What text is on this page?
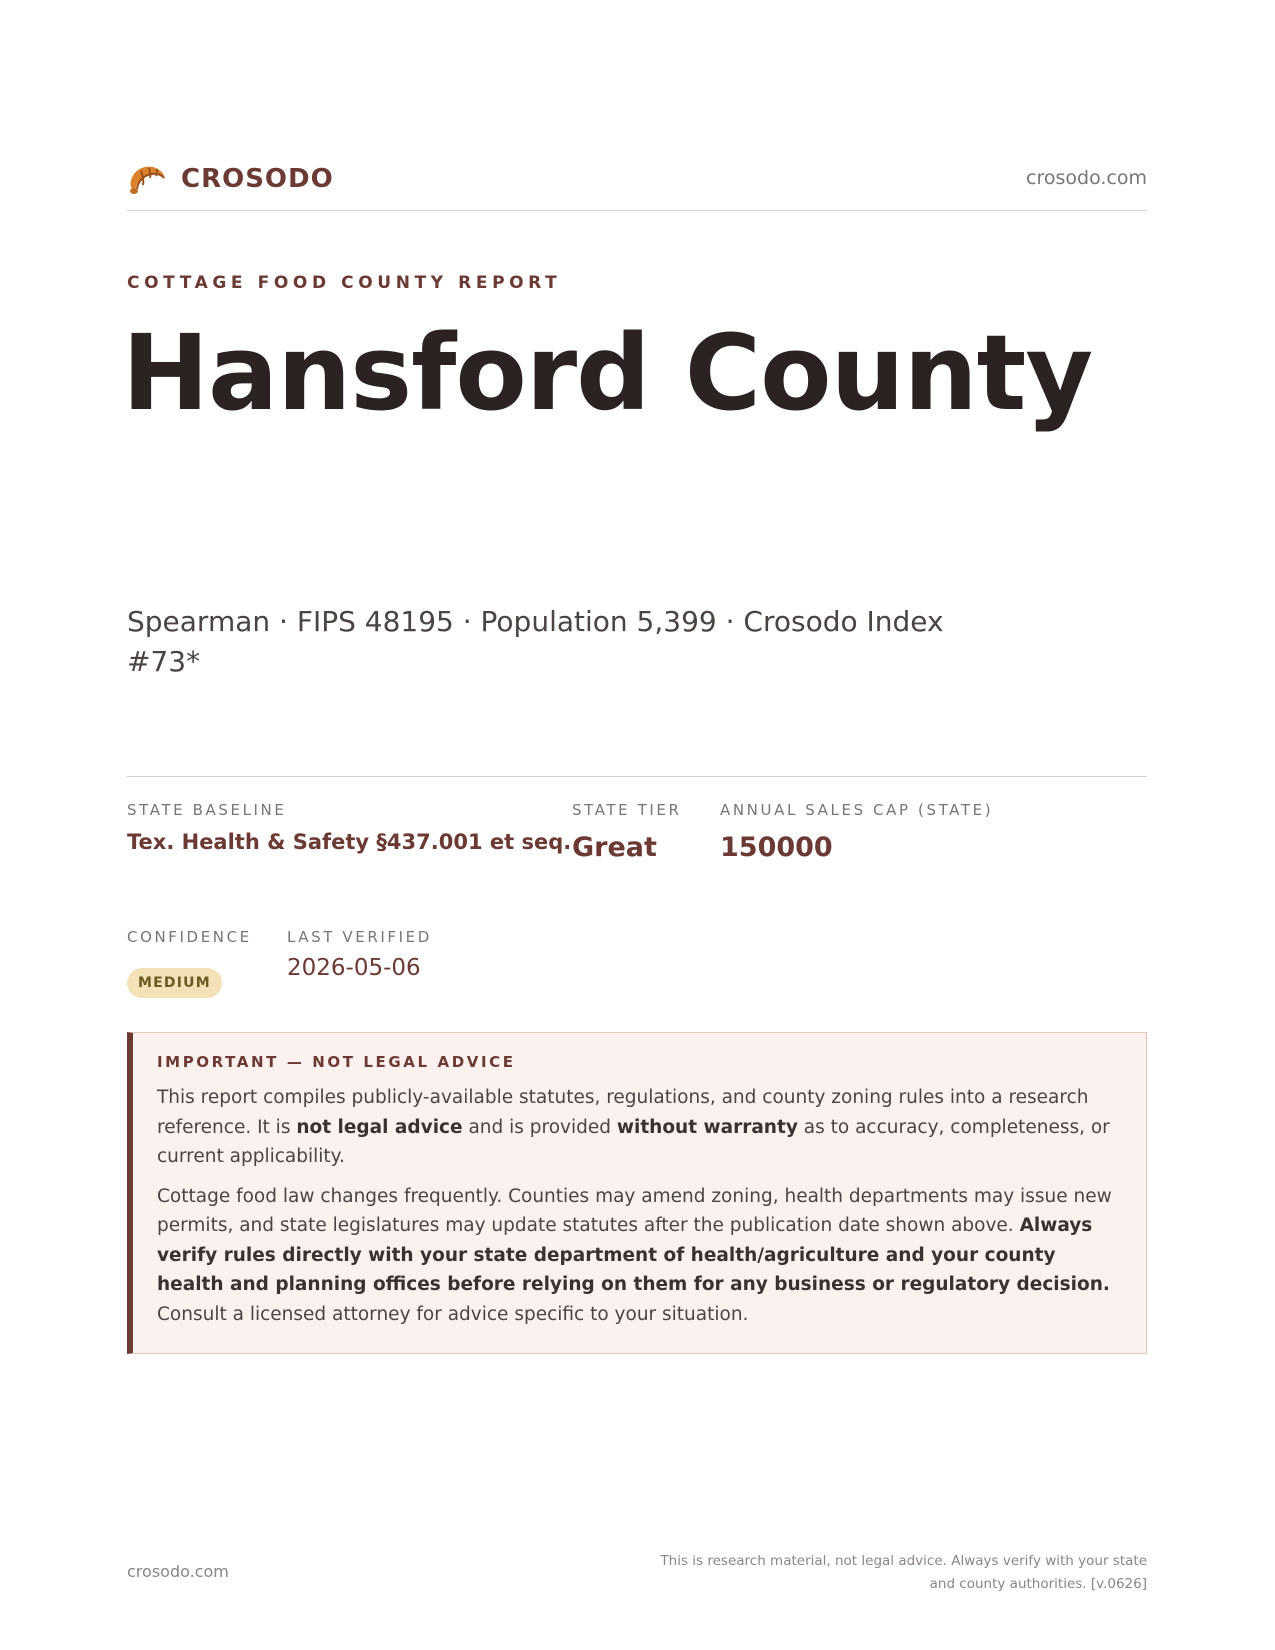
CROSODO	crosodo.com
COTTAGE FOOD COUNTY REPORT
Hansford County
Spearman · FIPS 48195 · Population 5,399 · Crosodo Index #73*
STATE BASELINE
Tex. Health & Safety §437.001 et seq.
STATE TIER
Great
ANNUAL SALES CAP (STATE)
150000
CONFIDENCE
MEDIUM
LAST VERIFIED
2026-05-06
IMPORTANT — NOT LEGAL ADVICE

This report compiles publicly-available statutes, regulations, and county zoning rules into a research reference. It is not legal advice and is provided without warranty as to accuracy, completeness, or current applicability.

Cottage food law changes frequently. Counties may amend zoning, health departments may issue new permits, and state legislatures may update statutes after the publication date shown above. Always verify rules directly with your state department of health/agriculture and your county health and planning offices before relying on them for any business or regulatory decision. Consult a licensed attorney for advice specific to your situation.

crosodo.com
This is research material, not legal advice. Always verify with your state
and county authorities. [v.0626]
